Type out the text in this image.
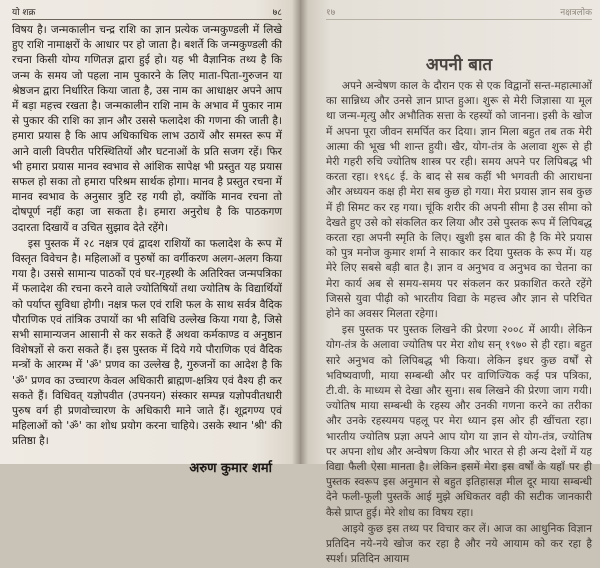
यो शक्र	७८

विषय है। जन्मकालीन चन्द्र राशि का ज्ञान प्रत्येक जन्मकुण्डली में लिखे हुए राशि नामाक्षरों के आधार पर हो जाता है। बशर्ते कि जन्मकुण्डली की रचना किसी योग्य गणितज्ञ द्वारा हुई हो। यह भी वैज्ञानिक तथ्य है कि जन्म के समय जो पहला नाम पुकारने के लिए माता-पिता-गुरुजन या श्रेष्ठजन द्वारा निर्धारित किया जाता है, उस नाम का आधाक्षर अपने आप में बड़ा महत्त्व रखता है। जन्मकालीन राशि नाम के अभाव में पुकार नाम से पुकार की राशि का ज्ञान और उससे फलादेश की गणना की जाती है। हमारा प्रयास है कि आप अधिकाधिक लाभ उठायें और समस्त रूप में आने वाली विपरीत परिस्थितियों और घटनाओं के प्रति सजग रहें। फिर भी हमारा प्रयास मानव स्वभाव से आंशिक सापेक्ष भी प्रस्तुत यह प्रयास सफल हो सका तो हमारा परिश्रम सार्थक होगा। मानव है प्रस्तुत रचना में मानव स्वभाव के अनुसार त्रुटि रह गयी हो, क्योंकि मानव रचना तो दोषपूर्ण नहीं कहा जा सकता है। हमारा अनुरोध है कि पाठकगण उदारता दिखायें व उचित सुझाव देते रहेंगे।

इस पुस्तक में २८ नक्षत्र एवं द्वादश राशियों का फलादेश के रूप में विस्तृत विवेचन है। महिलाओं व पुरुषों का वर्गीकरण अलग-अलग किया गया है। उससे सामान्य पाठकों एवं घर-गृहस्थी के अतिरिक्त जन्मपत्रिका में फलादेश की रचना करने वाले ज्योतिषियों तथा ज्योतिष के विद्यार्थियों को पर्याप्त सुविधा होगी। नक्षत्र फल एवं राशि फल के साथ सर्वत्र वैदिक पौराणिक एवं तांत्रिक उपायों का भी सविधि उल्लेख किया गया है, जिसे सभी सामान्यजन आसानी से कर सकते हैं अथवा कर्मकाण्ड व अनुष्ठान विशेषज्ञों से करा सकते हैं। इस पुस्तक में दिये गये पौराणिक एवं वैदिक मन्त्रों के आरम्भ में 'ॐ' प्रणव का उल्लेख है, गुरुजनों का आदेश है कि 'ॐ' प्रणव का उच्चारण केवल अधिकारी ब्राह्मण-क्षत्रिय एवं वैश्य ही कर सकते हैं। विधिवत् यज्ञोपवीत (उपनयन) संस्कार सम्पन्न यज्ञोपवीतधारी पुरुष वर्ग ही प्रणवोच्चारण के अधिकारी माने जाते हैं। शूद्रगण्य एवं महिलाओं को 'ॐ' का शोध प्रयोग करना चाहिये। उसके स्थान 'श्री' की प्रतिष्ठा है।

अरुण कुमार शर्मा
१७	नक्षत्रलोक
अपनी बात

अपने अन्वेषण काल के दौरान एक से एक विद्वानों सन्त-महात्माओं का सान्निध्य और उनसे ज्ञान प्राप्त हुआ। शुरू से मेरी जिज्ञासा या मूल था जन्म-मृत्यु और अभौतिक सत्ता के रहस्यों को जानना। इसी के खोज में अपना पूरा जीवन समर्पित कर दिया। ज्ञान मिला बहुत तब तक मेरी आत्मा की भूख भी शान्त हुयी। खैर, योग-तंत्र के अलावा शुरू से ही मेरी गहरी रुचि ज्योतिष शास्त्र पर रही। समय अपने पर लिपिबद्ध भी करता रहा। १९६८ ई. के बाद से सब कहीं भी भगवती की आराधना और अध्ययन कक्ष ही मेरा सब कुछ हो गया। मेरा प्रयास ज्ञान सब कुछ में ही सिमट कर रह गया। चूंकि शरीर की अपनी सीमा है उस सीमा को देखते हुए उसे को संकलित कर लिया और उसे पुस्तक रूप में लिपिबद्ध करता रहा अपनी स्मृति के लिए। खुशी इस बात की है कि मेरे प्रयास को पुत्र मनोज कुमार शर्मा ने साकार कर दिया पुस्तक के रूप में। यह मेरे लिए सबसे बड़ी बात है। ज्ञान व अनुभव व अनुभव का चेतना का मेरा कार्य अब से समय-समय पर संकलन कर प्रकाशित करते रहेंगे जिससे युवा पीढ़ी को भारतीय विद्या के महत्त्व और ज्ञान से परिचित होने का अवसर मिलता रहेगा।

इस पुस्तक पर पुस्तक लिखने की प्रेरणा २००८ में आयी। लेकिन योग-तंत्र के अलावा ज्योतिष पर मेरा शोध सन् १९७० से ही रहा। बहुत सारे अनुभव को लिपिबद्ध भी किया। लेकिन इधर कुछ वर्षों से भविष्यवाणी, माया सम्बन्धी और पर वाणिज्यिक कई पत्र पत्रिका, टी.वी. के माध्यम से देखा और सुना। सब लिखने की प्रेरणा जाग गयी। ज्योतिष माया सम्बन्धी के रहस्य और उनकी गणना करने का तरीका और उनके रहस्यमय पहलू पर मेरा ध्यान इस ओर ही खींचता रहा। भारतीय ज्योतिष प्रज्ञा अपने आप योग या ज्ञान से योग-तंत्र, ज्योतिष पर अपना शोध और अन्वेषण किया और भारत से ही अन्य देशों में यह विद्या फैली ऐसा मानता है। लेकिन इसमें मेरा इस वर्षों के यहाँ पर ही पुस्तक स्वरूप इस अनुमान से बहुत इतिहासज्ञ मील दूर माया सम्बन्धी देने फली-फूली पुस्तकें आई मुझे अधिकतर वही की सटीक जानकारी कैसे प्राप्त हुई। मेरे शोध का विषय रहा।

आइये कुछ इस तथ्य पर विचार कर लें। आज का आधुनिक विज्ञान प्रतिदिन नये-नये खोज कर रहा है और नये आयाम को कर रहा है स्पर्श। प्रतिदिन आयाम
